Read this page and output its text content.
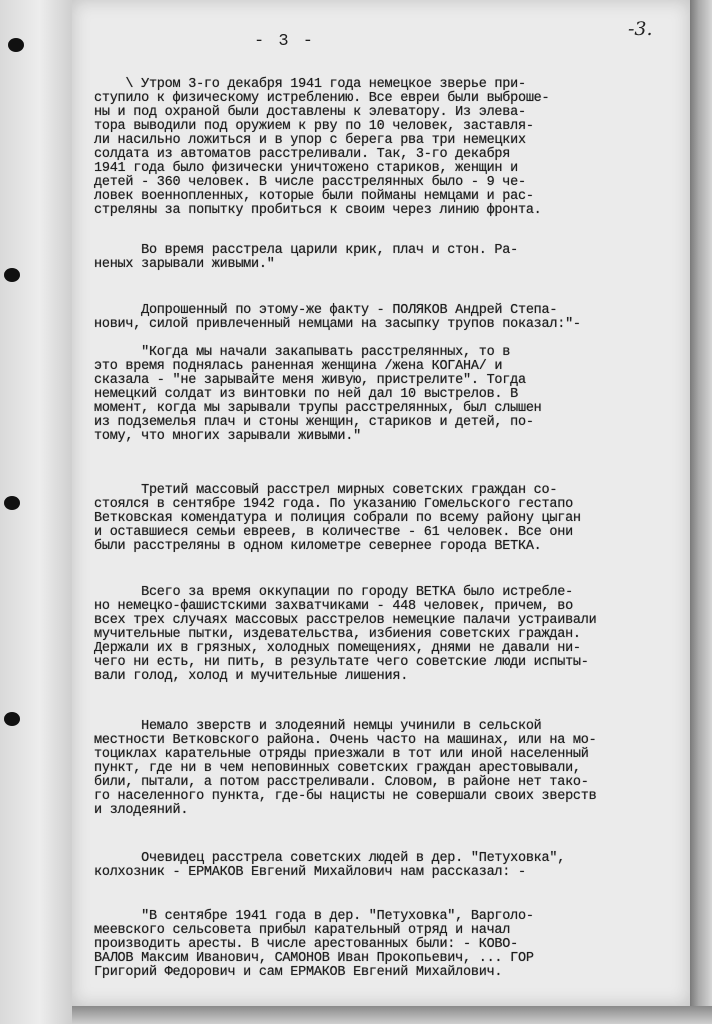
- 3 -
-3.
\ Утром 3-го декабря 1941 года немецкое зверье при-
ступило к физическому истреблению. Все евреи были выброше-
ны и под охраной были доставлены к элеватору. Из элева-
тора выводили под оружием к рву по 10 человек, заставля-
ли насильно ложиться и в упор с берега рва три немецких
солдата из автоматов расстреливали. Так, 3-го декабря
1941 года было физически уничтожено стариков, женщин и
детей - 360 человек. В числе расстрелянных было - 9 че-
ловек военнопленных, которые были пойманы немцами и рас-
стреляны за попытку пробиться к своим через линию фронта.
Во время расстрела царили крик, плач и стон. Ра-
неных зарывали живыми."
Допрошенный по этому-же факту - ПОЛЯКОВ Андрей Степа-
нович, силой привлеченный немцами на засыпку трупов показал:"-
"Когда мы начали закапывать расстрелянных, то в
это время поднялась раненная женщина /жена КОГАНА/ и
сказала - "не зарывайте меня живую, пристрелите". Тогда
немецкий солдат из винтовки по ней дал 10 выстрелов. В
момент, когда мы зарывали трупы расстрелянных, был слышен
из подземелья плач и стоны женщин, стариков и детей, по-
тому, что многих зарывали живыми."
Третий массовый расстрел мирных советских граждан со-
стоялся в сентябре 1942 года. По указанию Гомельского гестапо
Ветковская комендатура и полиция собрали по всему району цыган
и оставшиеся семьи евреев, в количестве - 61 человек. Все они
были расстреляны в одном километре севернее города ВЕТКА.
Всего за время оккупации по городу ВЕТКА было истребле-
но немецко-фашистскими захватчиками - 448 человек, причем, во
всех трех случаях массовых расстрелов немецкие палачи устраивали
мучительные пытки, издевательства, избиения советских граждан.
Держали их в грязных, холодных помещениях, днями не давали ни-
чего ни есть, ни пить, в результате чего советские люди испыты-
вали голод, холод и мучительные лишения.
Немало зверств и злодеяний немцы учинили в сельской
местности Ветковского района. Очень часто на машинах, или на мо-
тоциклах карательные отряды приезжали в тот или иной населенный
пункт, где ни в чем неповинных советских граждан арестовывали,
били, пытали, а потом расстреливали. Словом, в районе нет тако-
го населенного пункта, где-бы нацисты не совершали своих зверств
и злодеяний.
Очевидец расстрела советских людей в дер. "Петуховка",
колхозник - ЕРМАКОВ Евгений Михайлович нам рассказал: -
"В сентябре 1941 года в дер. "Петуховка", Варголо-
меевского сельсовета прибыл карательный отряд и начал
производить аресты. В числе арестованных были: - КОВО-
ВАЛОВ Максим Иванович, САМОНОВ Иван Прокопьевич, ... ГОР
Григорий Федорович и сам ЕРМАКОВ Евгений Михайлович.
